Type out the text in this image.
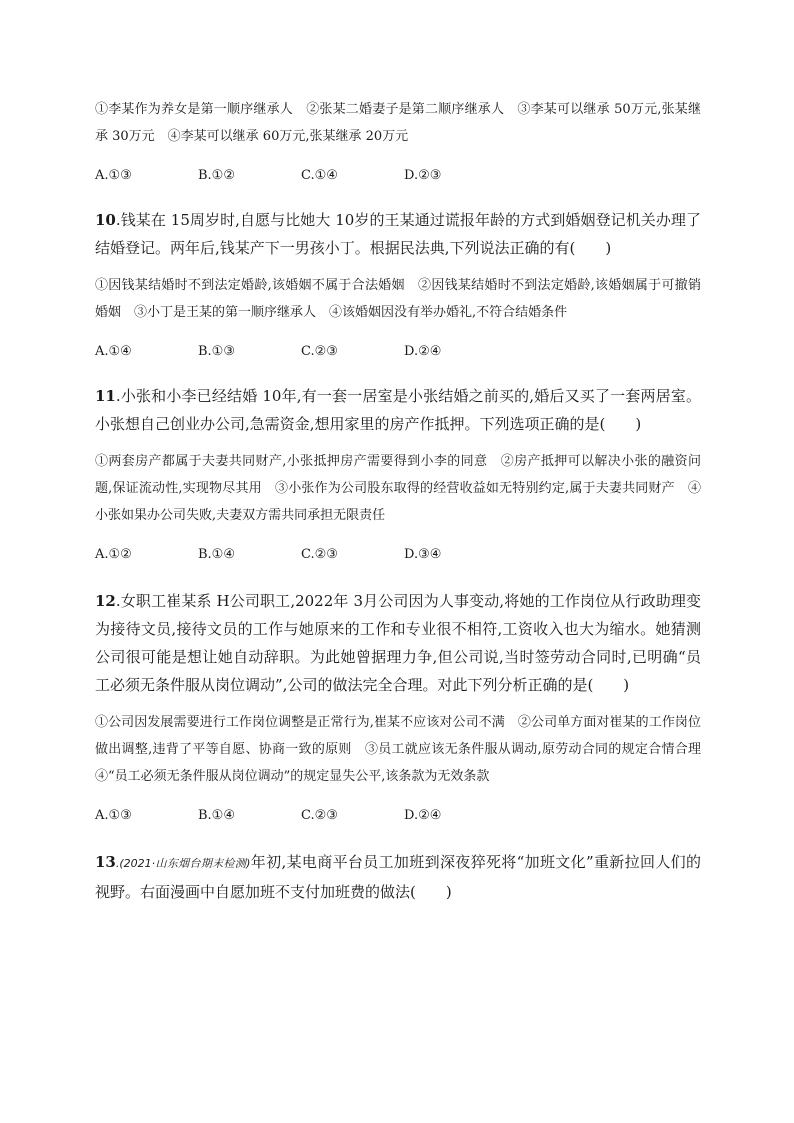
①李某作为养女是第一顺序继承人　②张某二婚妻子是第二顺序继承人　③李某可以继承 50万元,张某继承 30万元　④李某可以继承 60万元,张某继承 20万元
A.①③	B.①②	C.①④	D.②③
10.钱某在 15周岁时,自愿与比她大 10岁的王某通过谎报年龄的方式到婚姻登记机关办理了结婚登记。两年后,钱某产下一男孩小丁。根据民法典,下列说法正确的有(　　)
①因钱某结婚时不到法定婚龄,该婚姻不属于合法婚姻　②因钱某结婚时不到法定婚龄,该婚姻属于可撤销婚姻　③小丁是王某的第一顺序继承人　④该婚姻因没有举办婚礼,不符合结婚条件
A.①④	B.①③	C.②③	D.②④
11.小张和小李已经结婚 10年,有一套一居室是小张结婚之前买的,婚后又买了一套两居室。小张想自己创业办公司,急需资金,想用家里的房产作抵押。下列选项正确的是(　　)
①两套房产都属于夫妻共同财产,小张抵押房产需要得到小李的同意　②房产抵押可以解决小张的融资问题,保证流动性,实现物尽其用　③小张作为公司股东取得的经营收益如无特别约定,属于夫妻共同财产　④小张如果办公司失败,夫妻双方需共同承担无限责任
A.①②	B.①④	C.②③	D.③④
12.女职工崔某系 H公司职工,2022年 3月公司因为人事变动,将她的工作岗位从行政助理变为接待文员,接待文员的工作与她原来的工作和专业很不相符,工资收入也大为缩水。她猜测公司很可能是想让她自动辞职。为此她曾据理力争,但公司说,当时签劳动合同时,已明确“员工必须无条件服从岗位调动”,公司的做法完全合理。对此下列分析正确的是(　　)
①公司因发展需要进行工作岗位调整是正常行为,崔某不应该对公司不满　②公司单方面对崔某的工作岗位做出调整,违背了平等自愿、协商一致的原则　③员工就应该无条件服从调动,原劳动合同的规定合情合理　④“员工必须无条件服从岗位调动”的规定显失公平,该条款为无效条款
A.①③	B.①④	C.②③	D.②④
13.(2021·山东烟台期末检测)年初,某电商平台员工加班到深夜猝死将“加班文化”重新拉回人们的视野。右面漫画中自愿加班不支付加班费的做法(　　)
